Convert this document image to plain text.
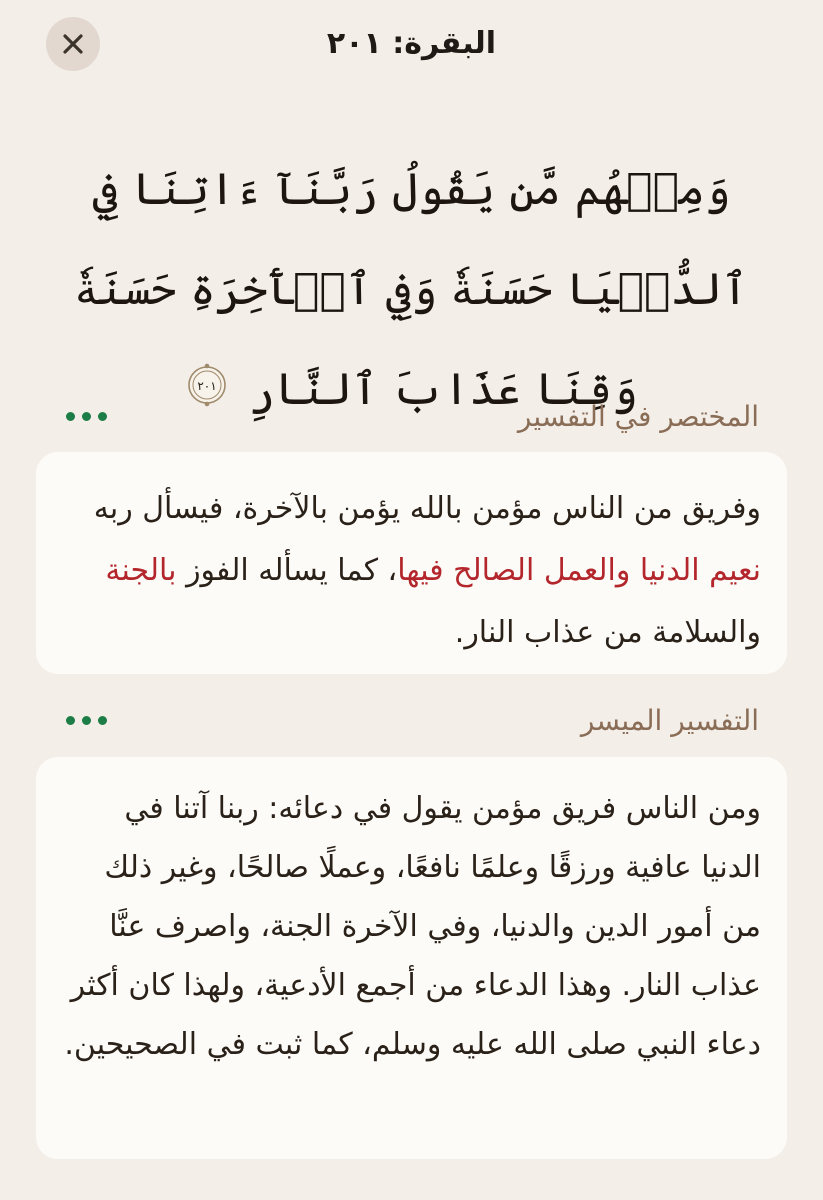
البقرة: ٢٠١
وَمِنۡهُم مَّن يَقُولُ رَبَّنَآ ءَاتِنَا فِي ٱلدُّنۡيَا حَسَنَةٗ وَفِي ٱلۡأٓخِرَةِ حَسَنَةٗ وَقِنَا عَذَابَ ٱلنَّارِ
٢٠١
المختصر في التفسير
وفريق من الناس مؤمن بالله يؤمن بالآخرة، فيسأل ربه نعيم الدنيا والعمل الصالح فيها، كما يسأله الفوز بالجنة والسلامة من عذاب النار.
التفسير الميسر
ومن الناس فريق مؤمن يقول في دعائه: ربنا آتنا في الدنيا عافية ورزقًا وعلمًا نافعًا، وعملًا صالحًا، وغير ذلك من أمور الدين والدنيا، وفي الآخرة الجنة، واصرف عنَّا عذاب النار. وهذا الدعاء من أجمع الأدعية، ولهذا كان أكثر دعاء النبي صلى الله عليه وسلم، كما ثبت في الصحيحين.
